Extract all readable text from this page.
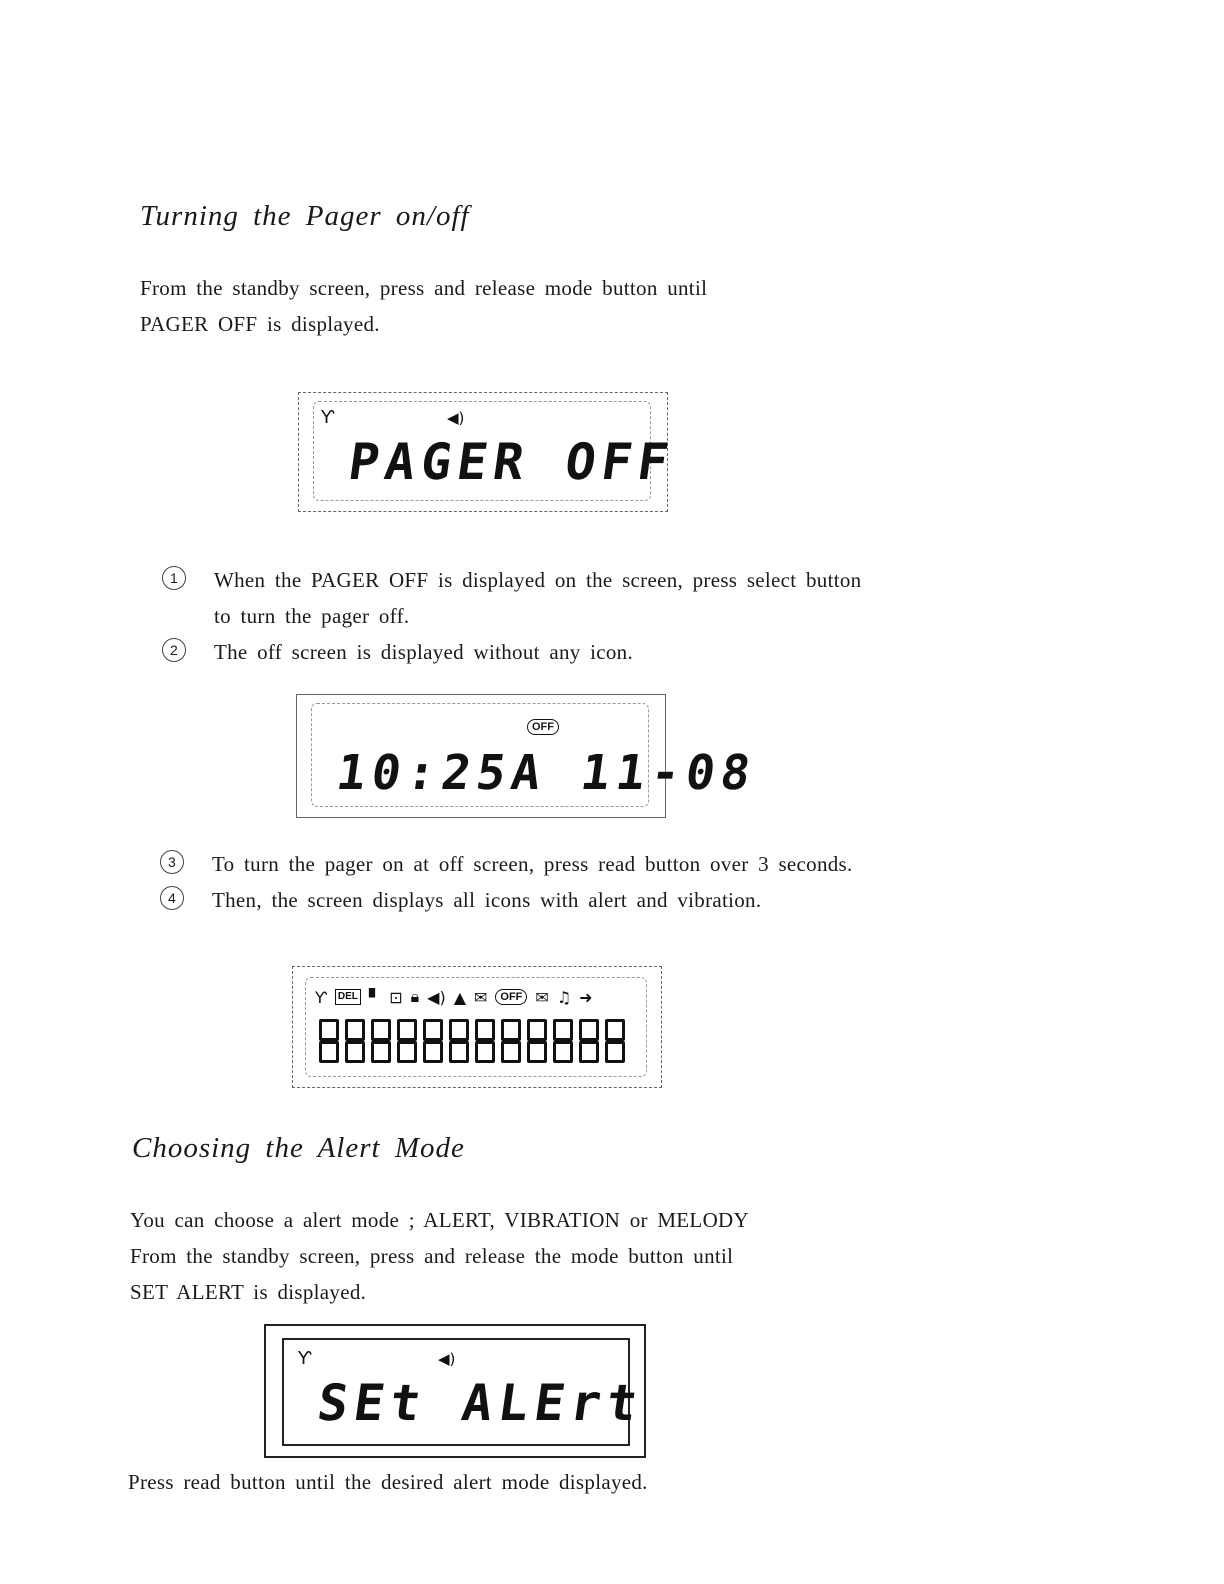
Turning the Pager on/off
From the standby screen, press and release mode button until
PAGER OFF is displayed.
Ƴ	◀)
PAGER OFF
1	When the PAGER OFF is displayed on the screen, press select button
to turn the pager off.
2	The off screen is displayed without any icon.
OFF
10:25A 11-08
3	To turn the pager on at off screen, press read button over 3 seconds.
4	Then, the screen displays all icons with alert and vibration.
Ƴ	DEL ▘ ⊡ 🔒︎ ◀) ▲ ✉	OFF ✉ ♫ ➜
Choosing the Alert Mode
You can choose a alert mode ; ALERT, VIBRATION or MELODY
From the standby screen, press and release the mode button until
SET ALERT is displayed.
Ƴ	◀)
SEt ALErt
Press read button until the desired alert mode displayed.
